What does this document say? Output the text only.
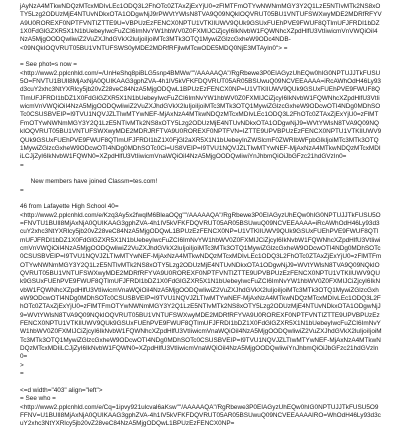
jAyNzA4MTkwNDQzMTcxMDIvLEc1ODQ3L2FhOTc0ZTAxZjExYjU0=zFlMTFmOTYwNWNmMGY3Y2Q1LzE5NTIvMTk2NS8xOTY5Lzg2ODUzMjE4NTUvNDkxOTA1ODgwNjJ9rPWVtYWlsN8TVA9Q09NQkIOQVRUT05BU1VNTUFSWXwyMDE2MDRfRFYVA9U0ROREXF0NPTFVNTIZTTE9U=VBPUzEzFENCX0NPTU1VTKlIUWV9QUk9GSUxFUEhPVE9FWUF8QTlmUFJFRDI1bDZ1X0FdGlGZXR5X1N1bUebeyIwcFuZCI6ImNvYW1hbWV0Z0FXMIJCiZjcyI6IkNvbW1FQWNhcXZpdHlfU3VtIiwicmVnVWQiOiI4NzA5MjgOODQwliwiZ2VuZXJhdGVkX2luIjoiIjoiMTc3MTk3OTQ1MywiZGlzcGxheW9ODc4NDB-
<09NQkIOQVRUT05BU1VNTUFSWS0yMDE2MDRfRFjlwMTcwODE5MDQ0NjE3MTAyIn0"> =

= See phot=s now =
<http://www2.pplcnhld.com/=/UnHeShq8piBLG5snp4BMWw""/AAAAAQA"/RgRbewe3P0EIAGyzUhEQw0hIG0NPTUJJTkFUSU5O=FNVTU1BUlI8MjAxNjA0QUIKAAG3gphZVA-4h1IV5kVFKFDQVRUT05AR05BSUwuQ09NCVEEAAAA=iRcAWhOdH46Ly93d3cuY2xhc3NtYXRlcy5jb20vZ28veC84NzA5MjgODQwL1BPUzEzFENCX0NP=U1VTKlIUWV9QUk9GSUxFUEhPVE9FWUF8QTlmUFJFRDI1bDZ1X0FdGlGZXR5X1N1bUebeyIwcFuZCI6ImNvYW1hbWV0Z0FXMIJCiZjcyI6IkNvbW1FQWNhcXZpdHlfU3VtIiwicmVnVWQiOiI4NzA5MjgOODQwliwiZ2VuZXJhdGVkX2luIjoiIjoiMTc3MTk3OTQ1MywiZGlzcGxheW9ODcwOTI4NDg0MDhSOTc0CSUSBVEIP=I9TVU1NQVJZLTIwMTYwNEF-MjAxNzA4MTkwNDQzMTcxMDIvLEc1ODQ3L2FhOTc0ZTAxZjExYjU0=zFlMTFmOTYwNWNmMGY3Y2Q1LzE5NTIvMTk2NS8xOTY5Lzg2ODUzMjE4NTUvNDkxOTA1ODgwNjJ9=WVtYWlsN8TVA9Q09NQkIOQVRUT05BU1VNTUFSWXwyMDE2MDRJRFTVA9U0ROREXF0NPTFVN=IZTTE9UPVBPUzEzFENCX0NPTU1VTKlIUWV9QUk9GSUxFUEhPVE9FWUF8QTlmUFJFRDI1bZ1X0FjGl2aXR5X1N1bUebeyInZWSlcmF0ZWRIbWFpbGlkIjoiMTc3MTk3OTQ1MywiZGlzcGxheW9ODcwOTI4NDg0MDhSOTc0Ci=US8VEIP=I9TVU1NQVJZLTIwMTYwNEF-MjAxNzA4MTkwNDQzMTcxMDIiLCJjZyI6IkNvbW1FQWN0=XZpdHlfU3VtIiwicmVnaWQiOiI4NzA5MjgOODQwliwiYnJhbmQiOiJbGFzc21hdGVzIn0=

=

New members have joined Classm=tes.com!

=

46 from Lafayette High School 40=
<http://www2.pplcnhld.com/e/Kzq3Ay5x2fwqlM6BleaOQg""/AAAAAQA"/RgRbewe3P0EIAGyzUhEQw0hIG0NPTUJJTkFUSU5O=FNVTU1BUlI8MjAxNjA0QUIKAAG3gphZVA-4h1IV5kVFKFDQVRUT05AR05BSUwuQ09NCVEEAAAA=iRcAWhOdH46Ly93d3cuY2xhc3NtYXRlcy5jb20vZ28veC84NzA5MjgODQwL1BPUzEzFENCX0NP=U1VTKlIUWV9QUk9GSUxFUEhPVE9FWUF8QTlmUFJFRDI1bDZ1X0FdGlGZXR5X1N1bUebeyIwcFuZCI6ImNvYW1hbWV0Z0FXMIJCiZjcyI6IkNvbW1FQWNhcXZpdHlfU3VtIiwicmVnVWQiOiI4NzA5MjgOODQwliwiZ2VuZXJhdGVkX2luIjoiIjoiMTc3MTk3OTQ1MywiZGlzcGxheW9ODcwOTI4NDg0MDhSOTc0CSUSBVEIP=I9TVU1NQVJZLTIwMTYwNEF-MjAxNzA4MTkwNDQzMTcxMDIvLEc1ODQ3L2FhOTc0ZTAxZjExYjU0=zFlMTFmOTYwNWNmMGY3Y2Q1LzE5NTIvMTk2NS8xOTY5Lzg2ODUzMjE4NTUvNDkxOTA1ODgwNjJ9=WVtYWlsN8TVA9Q09NQkIOQVRUT05BU1VNTUFSWXwyMDE2MDRfRFYVA9U0ROREXF0NPTFVNTIZTTE9UPVBPUzEzFENCX0NPTU1VTKlIUWV9QUk9GSUxFUEhPVE9FWUF8QTlmUFJFRDI1bDZ1X0FdGlGZXR5X1N1bUebeyIwcFuZCI6ImNvYW1hbWV0Z0FXMIJCiZjcyI6IkNvbW1FQWNhcXZpdHlfU3VtIiwicmVnaWQiOiI4NzA5MjgOODQwliwiZ2VuZXJhdGVkX2luIjoiIjoiMTc3MTk3OTQ1MywiZGlzcGxheW9ODcwOTI4NDg0MDhSOTc0CSUSBVEIP=I9TVU1NQVJZLTIwMTYwNEF-MjAxNzA4MTkwNDQzMTcxMDIvLEc1ODQ3L2FhOTc0ZTAxZjExYjU0=zFlMTFmOTYwNWNmMGY3Y2Q1LzE5NTIvMTk2NS8xOTY5Lzg2ODUzMjE4NTUvNDkxOTA1ODgwNjJ9=WVtYWlsN8TVA9Q09NQkIOQVRUT05BU1VNTUFSWXwyMDE2MDRfRFYVA9U0ROREXF0NPTFVNTIZTTE9UPVBPUzEzFENCX0NPTU1VTKlIUWV9QUk9GSUxFUEhPVE9FWUF8QTlmUFJFRDI1bDZ1X0FdGlGZXR5X1N1bUebeyIwcFuZCI6ImNvYW1hbWV0Z0FXMIJCiZjcyI6IkNvbW1FQWNhcXZpdHlfU3VtIiwicmVnaWQiOiI4NzA5MjgOODQwliwiZ2VuZXJhdGVkX2luIjoiIjoiMTc3MTk3OTQ1MywiZGlzcGxheW9ODcwOTI4NDg0MDhSOTc0CSUSBVEIP=I9TVU1NQVJZLTIwMTYwNEF-MjAxNzA4MTkwNDQzMTcxMDIiLCJjZyI6IkNvbW1FQWN0=XZpdHlfU3VtIiwicmVnaWQiOiI4NzA5MjgOODQwliwiYnJhbmQiOiJbGFzc21hdGVzIn0=
>

=

<=d width="403" align="left">
= See who =
<http://www2.pplcnhld.com/e/Cq=1ipvy921ulcval6aKsw""/AAAAAQA"/RgRbewe3P0EIAGyzUhEQw0hIG0NPTUJJTkFUSU5O9FFNV=U1BUlI8MjAxNjA0QUIKAAG3gphZVA-4h1IV5kVFKFDQVRUT05AR05BSUwuQ09NCVEEAAAAIRO=WhOdH46Ly93d3cuY2xhc3NtYXRlcy5jb20vZ28veC84NzA5MjgODQwL1BPUzEzFENCX0NP=
